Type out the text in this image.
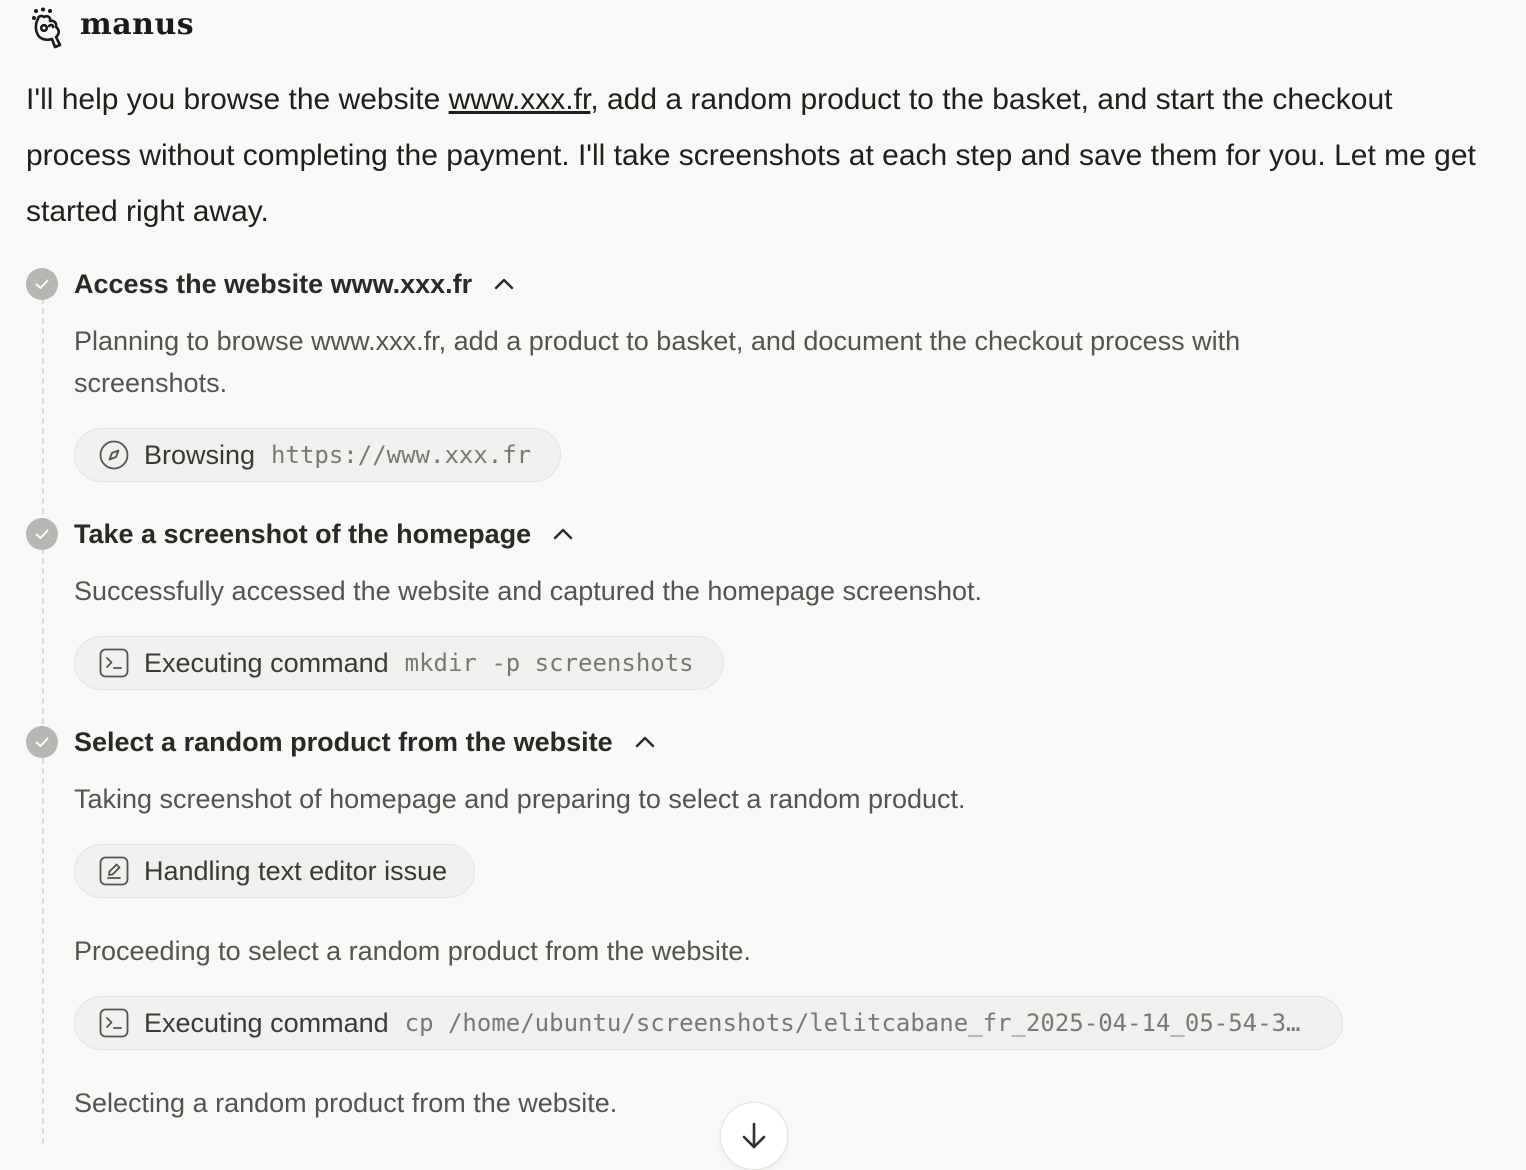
manus
I'll help you browse the website www.xxx.fr, add a random product to the basket, and start the checkout process without completing the payment. I'll take screenshots at each step and save them for you. Let me get started right away.
Access the website www.xxx.fr
Planning to browse www.xxx.fr, add a product to basket, and document the checkout process with screenshots.
Browsing https://www.xxx.fr
Take a screenshot of the homepage
Successfully accessed the website and captured the homepage screenshot.
Executing command mkdir -p screenshots
Select a random product from the website
Taking screenshot of homepage and preparing to select a random product.
Handling text editor issue
Proceeding to select a random product from the website.
Executing command cp /home/ubuntu/screenshots/lelitcabane_fr_2025-04-14_05-54-3…
Selecting a random product from the website.
